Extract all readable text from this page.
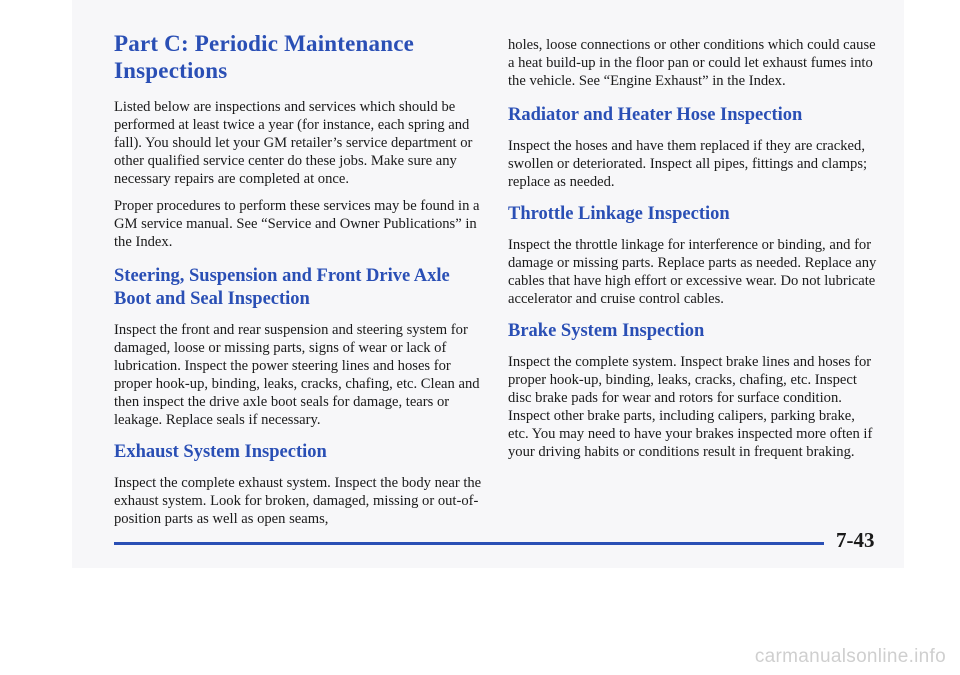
Part C: Periodic Maintenance Inspections

Listed below are inspections and services which should be performed at least twice a year (for instance, each spring and fall). You should let your GM retailer’s service department or other qualified service center do these jobs. Make sure any necessary repairs are completed at once.

Proper procedures to perform these services may be found in a GM service manual. See “Service and Owner Publications” in the Index.

Steering, Suspension and Front Drive Axle Boot and Seal Inspection

Inspect the front and rear suspension and steering system for damaged, loose or missing parts, signs of wear or lack of lubrication. Inspect the power steering lines and hoses for proper hook-up, binding, leaks, cracks, chafing, etc. Clean and then inspect the drive axle boot seals for damage, tears or leakage. Replace seals if necessary.

Exhaust System Inspection

Inspect the complete exhaust system. Inspect the body near the exhaust system. Look for broken, damaged, missing or out-of-position parts as well as open seams,

holes, loose connections or other conditions which could cause a heat build-up in the floor pan or could let exhaust fumes into the vehicle. See “Engine Exhaust” in the Index.

Radiator and Heater Hose Inspection

Inspect the hoses and have them replaced if they are cracked, swollen or deteriorated. Inspect all pipes, fittings and clamps; replace as needed.

Throttle Linkage Inspection

Inspect the throttle linkage for interference or binding, and for damage or missing parts. Replace parts as needed. Replace any cables that have high effort or excessive wear. Do not lubricate accelerator and cruise control cables.

Brake System Inspection

Inspect the complete system. Inspect brake lines and hoses for proper hook-up, binding, leaks, cracks, chafing, etc. Inspect disc brake pads for wear and rotors for surface condition. Inspect other brake parts, including calipers, parking brake, etc. You may need to have your brakes inspected more often if your driving habits or conditions result in frequent braking.

7-43
carmanualsonline.info
